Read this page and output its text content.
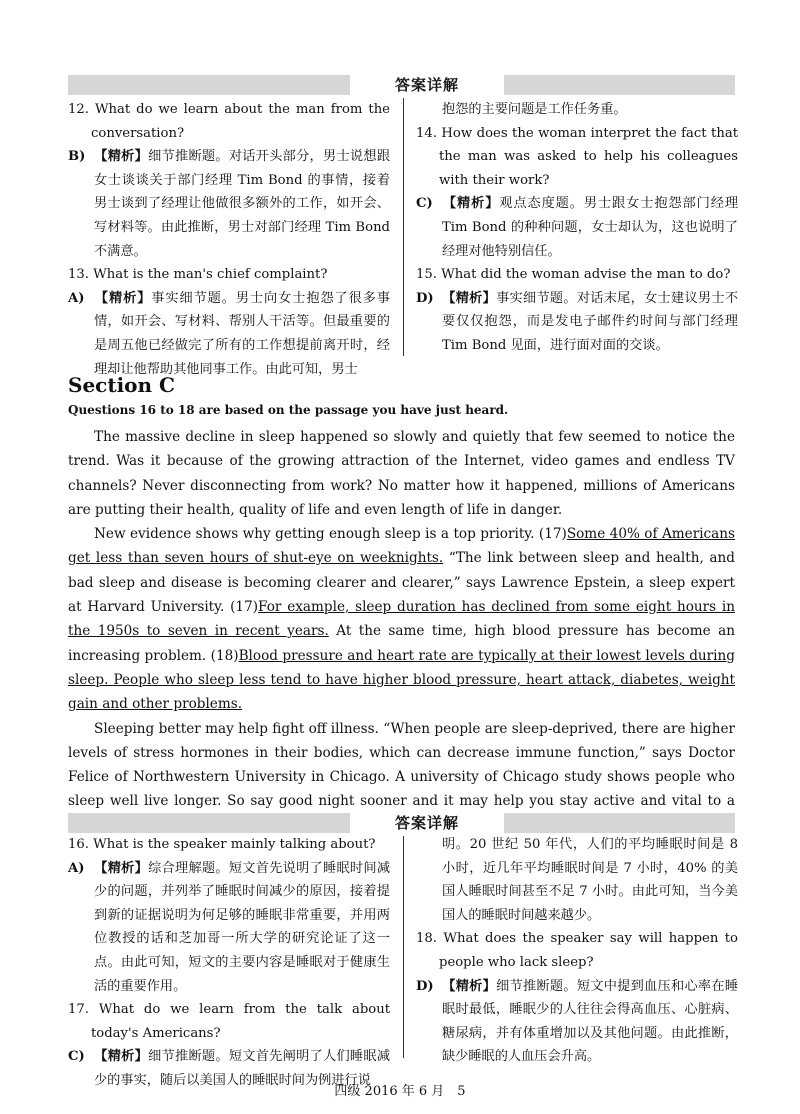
答案详解

12. What do we learn about the man from the conversation?

B) 【精析】细节推断题。对话开头部分，男士说想跟女士谈谈关于部门经理 Tim Bond 的事情，接着男士谈到了经理让他做很多额外的工作，如开会、写材料等。由此推断，男士对部门经理 Tim Bond 不满意。

13. What is the man's chief complaint?

A) 【精析】事实细节题。男士向女士抱怨了很多事情，如开会、写材料、帮别人干活等。但最重要的是周五他已经做完了所有的工作想提前离开时，经理却让他帮助其他同事工作。由此可知，男士

抱怨的主要问题是工作任务重。

14. How does the woman interpret the fact that the man was asked to help his colleagues with their work?

C) 【精析】观点态度题。男士跟女士抱怨部门经理 Tim Bond 的种种问题，女士却认为，这也说明了经理对他特别信任。

15. What did the woman advise the man to do?

D) 【精析】事实细节题。对话末尾，女士建议男士不要仅仅抱怨，而是发电子邮件约时间与部门经理 Tim Bond 见面，进行面对面的交谈。

Section C
Questions 16 to 18 are based on the passage you have just heard.

The massive decline in sleep happened so slowly and quietly that few seemed to notice the trend. Was it because of the growing attraction of the Internet, video games and endless TV channels? Never disconnecting from work? No matter how it happened, millions of Americans are putting their health, quality of life and even length of life in danger.

New evidence shows why getting enough sleep is a top priority. (17)Some 40% of Americans get less than seven hours of shut-eye on weeknights. “The link between sleep and health, and bad sleep and disease is becoming clearer and clearer,” says Lawrence Epstein, a sleep expert at Harvard University. (17)For example, sleep duration has declined from some eight hours in the 1950s to seven in recent years. At the same time, high blood pressure has become an increasing problem. (18)Blood pressure and heart rate are typically at their lowest levels during sleep. People who sleep less tend to have higher blood pressure, heart attack, diabetes, weight gain and other problems.

Sleeping better may help fight off illness. “When people are sleep-deprived, there are higher levels of stress hormones in their bodies, which can decrease immune function,” says Doctor Felice of Northwestern University in Chicago. A university of Chicago study shows people who sleep well live longer. So say good night sooner and it may help you stay active and vital to a

答案详解

16. What is the speaker mainly talking about?

A) 【精析】综合理解题。短文首先说明了睡眠时间减少的问题，并列举了睡眠时间减少的原因，接着提到新的证据说明为何足够的睡眠非常重要，并用两位教授的话和芝加哥一所大学的研究论证了这一点。由此可知，短文的主要内容是睡眠对于健康生活的重要作用。

17. What do we learn from the talk about today's Americans?

C) 【精析】细节推断题。短文首先阐明了人们睡眠减少的事实，随后以美国人的睡眠时间为例进行说

明。20 世纪 50 年代，人们的平均睡眠时间是 8 小时，近几年平均睡眠时间是 7 小时，40% 的美国人睡眠时间甚至不足 7 小时。由此可知，当今美国人的睡眠时间越来越少。

18. What does the speaker say will happen to people who lack sleep?

D) 【精析】细节推断题。短文中提到血压和心率在睡眠时最低，睡眠少的人往往会得高血压、心脏病、糖尿病，并有体重增加以及其他问题。由此推断，缺少睡眠的人血压会升高。

四级 2016 年 6 月　5
